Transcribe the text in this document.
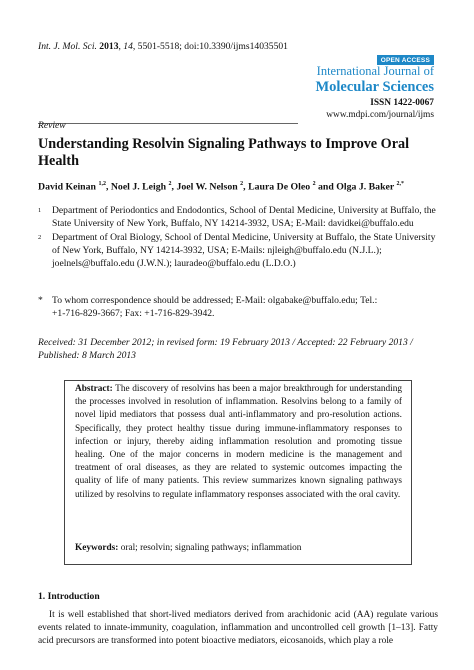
Int. J. Mol. Sci. 2013, 14, 5501-5518; doi:10.3390/ijms14035501
OPEN ACCESS
International Journal of
Molecular Sciences
ISSN 1422-0067
www.mdpi.com/journal/ijms
Review
Understanding Resolvin Signaling Pathways to Improve Oral Health
David Keinan $^{1,2}$, Noel J. Leigh $^2$, Joel W. Nelson $^2$, Laura De Oleo $^2$ and Olga J. Baker $^{2,*}$
1 Department of Periodontics and Endodontics, School of Dental Medicine, University at Buffalo, the State University of New York, Buffalo, NY 14214-3932, USA; E-Mail: davidkei@buffalo.edu
2 Department of Oral Biology, School of Dental Medicine, University at Buffalo, the State University of New York, Buffalo, NY 14214-3932, USA; E-Mails: njleigh@buffalo.edu (N.J.L.); joelnels@buffalo.edu (J.W.N.); lauradeo@buffalo.edu (L.D.O.)
* To whom correspondence should be addressed; E-Mail: olgabake@buffalo.edu; Tel.: +1-716-829-3667; Fax: +1-716-829-3942.
Received: 31 December 2012; in revised form: 19 February 2013 / Accepted: 22 February 2013 / Published: 8 March 2013
Abstract: The discovery of resolvins has been a major breakthrough for understanding the processes involved in resolution of inflammation. Resolvins belong to a family of novel lipid mediators that possess dual anti-inflammatory and pro-resolution actions. Specifically, they protect healthy tissue during immune-inflammatory responses to infection or injury, thereby aiding inflammation resolution and promoting tissue healing. One of the major concerns in modern medicine is the management and treatment of oral diseases, as they are related to systemic outcomes impacting the quality of life of many patients. This review summarizes known signaling pathways utilized by resolvins to regulate inflammatory responses associated with the oral cavity.
Keywords: oral; resolvin; signaling pathways; inflammation
1. Introduction
It is well established that short-lived mediators derived from arachidonic acid (AA) regulate various events related to innate-immunity, coagulation, inflammation and uncontrolled cell growth [1–13]. Fatty acid precursors are transformed into potent bioactive mediators, eicosanoids, which play a role
